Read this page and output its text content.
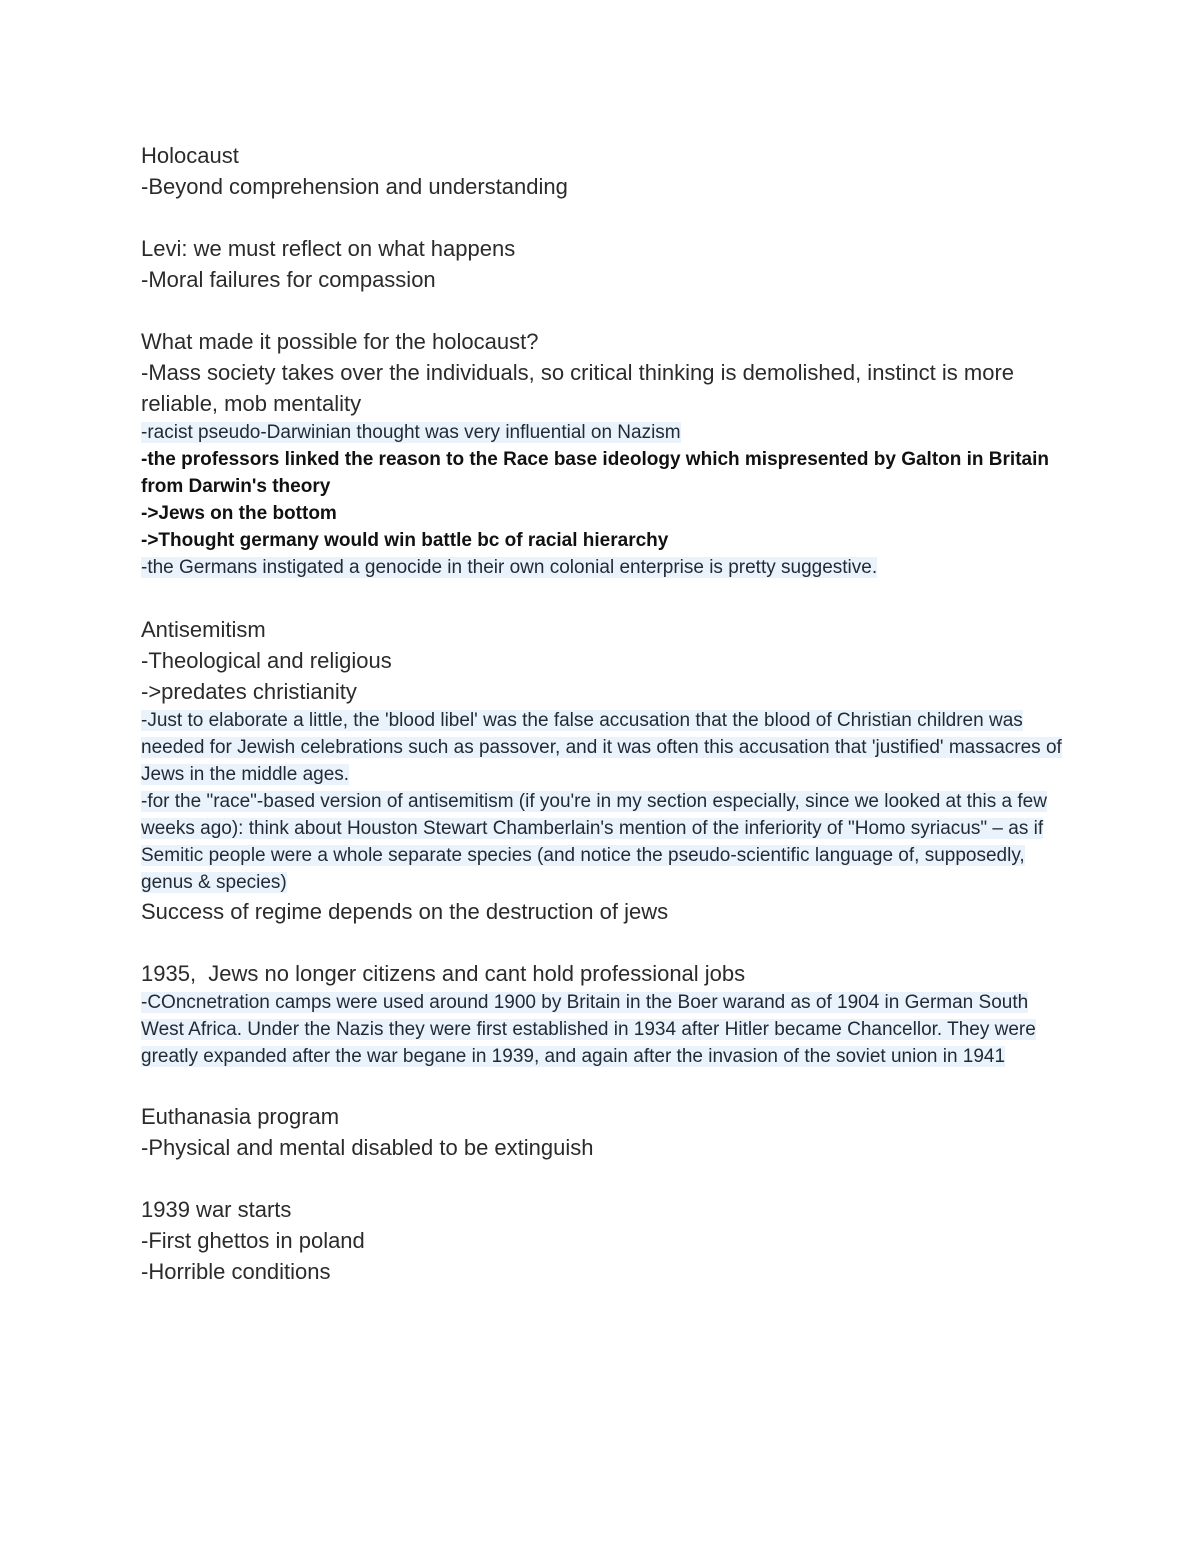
Holocaust
-Beyond comprehension and understanding
Levi: we must reflect on what happens
-Moral failures for compassion
What made it possible for the holocaust?
-Mass society takes over the individuals, so critical thinking is demolished, instinct is more reliable, mob mentality
-racist pseudo-Darwinian thought was very influential on Nazism
-the professors linked the reason to the Race base ideology which mispresented by Galton in Britain from Darwin's theory
->Jews on the bottom
->Thought germany would win battle bc of racial hierarchy
-the Germans instigated a genocide in their own colonial enterprise is pretty suggestive.
Antisemitism
-Theological and religious
->predates christianity
-Just to elaborate a little, the 'blood libel' was the false accusation that the blood of Christian children was needed for Jewish celebrations such as passover, and it was often this accusation that 'justified' massacres of Jews in the middle ages.
-for the "race"-based version of antisemitism (if you're in my section especially, since we looked at this a few weeks ago): think about Houston Stewart Chamberlain's mention of the inferiority of "Homo syriacus" – as if Semitic people were a whole separate species (and notice the pseudo-scientific language of, supposedly, genus & species)
Success of regime depends on the destruction of jews
1935,  Jews no longer citizens and cant hold professional jobs
-COncnetration camps were used around 1900 by Britain in the Boer warand as of 1904 in German South West Africa. Under the Nazis they were first established in 1934 after Hitler became Chancellor. They were greatly expanded after the war begane in 1939, and again after the invasion of the soviet union in 1941
Euthanasia program
-Physical and mental disabled to be extinguish
1939 war starts
-First ghettos in poland
-Horrible conditions
